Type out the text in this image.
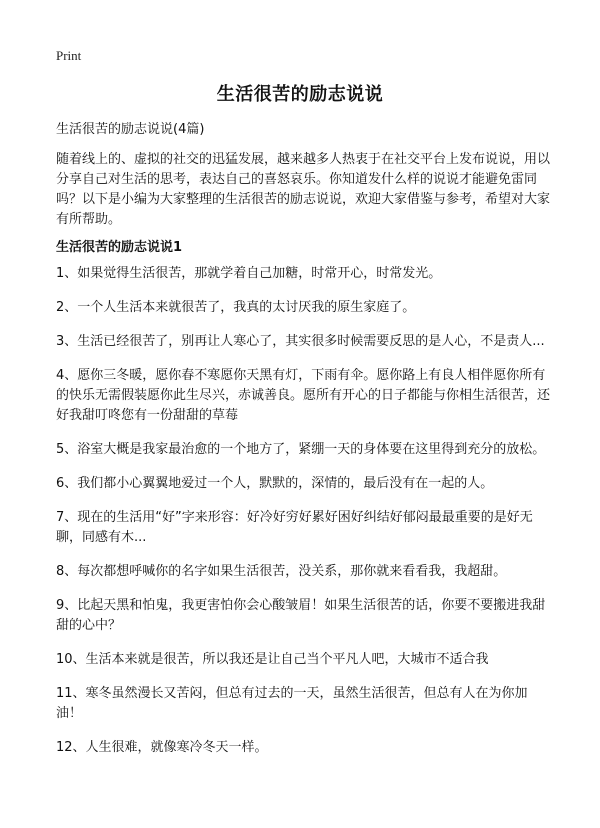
Print
生活很苦的励志说说

生活很苦的励志说说(4篇)

随着线上的、虚拟的社交的迅猛发展，越来越多人热衷于在社交平台上发布说说，用以分享自己对生活的思考，表达自己的喜怒哀乐。你知道发什么样的说说才能避免雷同吗？以下是小编为大家整理的生活很苦的励志说说，欢迎大家借鉴与参考，希望对大家有所帮助。

生活很苦的励志说说1
1、如果觉得生活很苦，那就学着自己加糖，时常开心，时常发光。
2、一个人生活本来就很苦了，我真的太讨厌我的原生家庭了。
3、生活已经很苦了，别再让人寒心了，其实很多时候需要反思的是人心，不是责人...
4、愿你三冬暖，愿你春不寒愿你天黑有灯，下雨有伞。愿你路上有良人相伴愿你所有的快乐无需假装愿你此生尽兴，赤诚善良。愿所有开心的日子都能与你相生活很苦，还好我甜叮咚您有一份甜甜的草莓
5、浴室大概是我家最治愈的一个地方了，紧绷一天的身体要在这里得到充分的放松。
6、我们都小心翼翼地爱过一个人，默默的，深情的，最后没有在一起的人。
7、现在的生活用“好”字来形容：好冷好穷好累好困好纠结好郁闷最最重要的是好无聊，同感有木...
8、每次都想呼喊你的名字如果生活很苦，没关系，那你就来看看我，我超甜。
9、比起天黑和怕鬼，我更害怕你会心酸皱眉！如果生活很苦的话，你要不要搬进我甜甜的心中？
10、生活本来就是很苦，所以我还是让自己当个平凡人吧，大城市不适合我
11、寒冬虽然漫长又苦闷，但总有过去的一天，虽然生活很苦，但总有人在为你加油！
12、人生很难，就像寒冷冬天一样。
